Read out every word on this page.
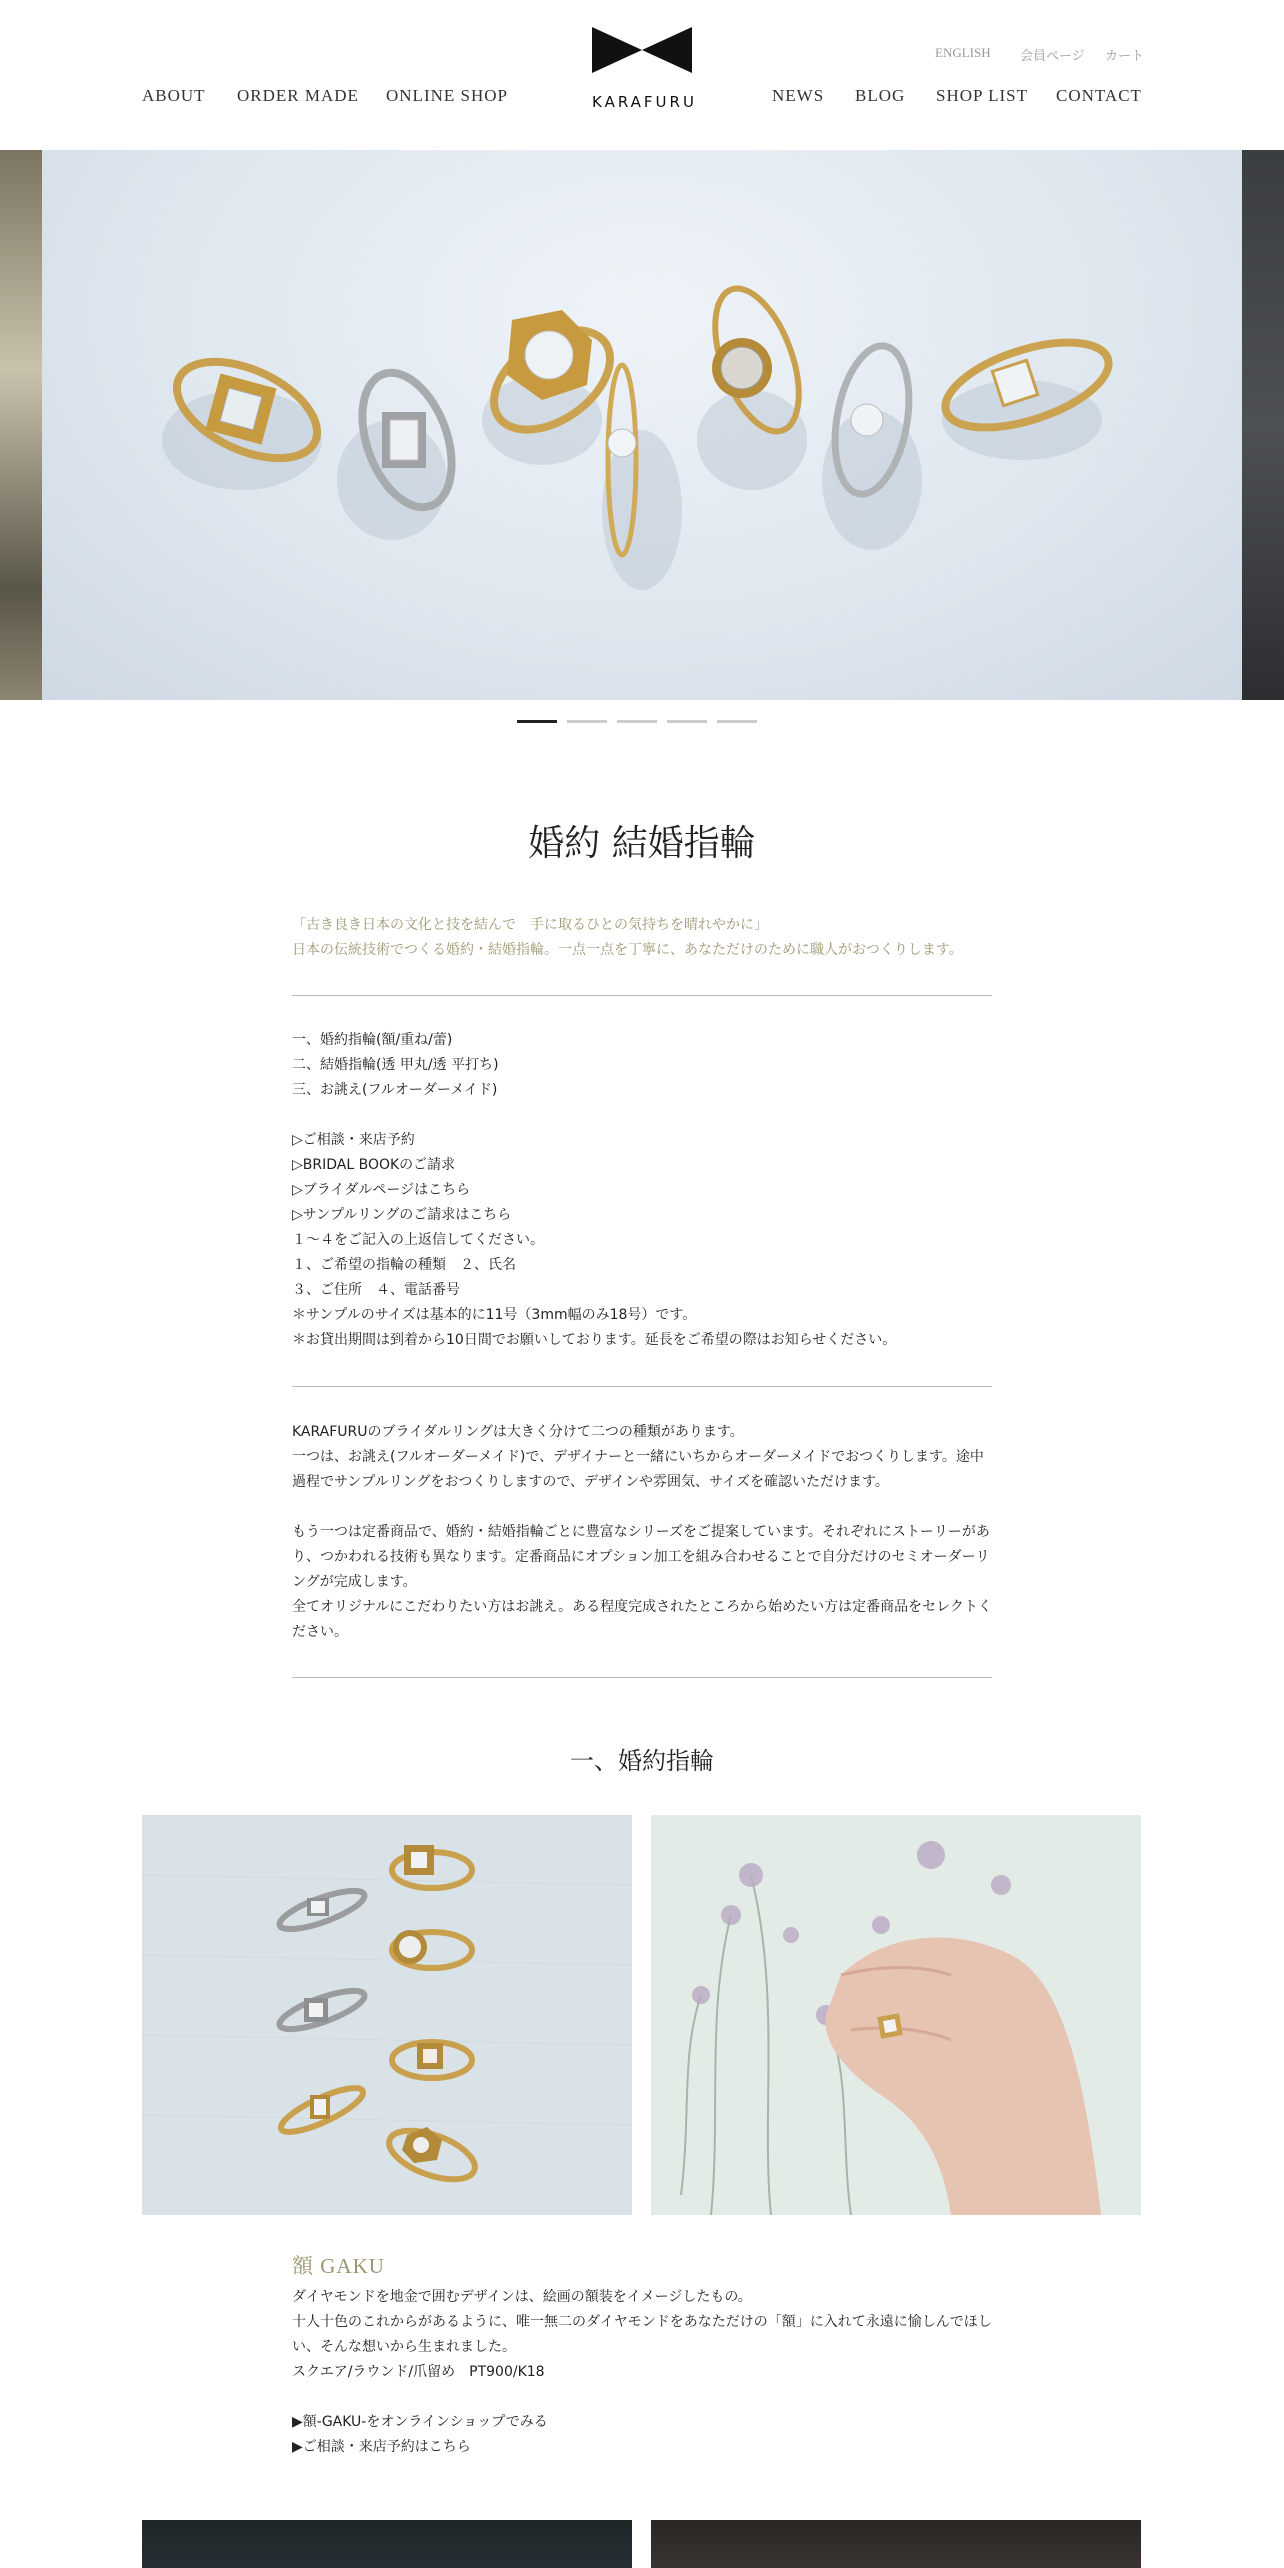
ABOUT ORDER MADE ONLINE SHOP	KARAFURU
ENGLISH 会員ページ カート
NEWS BLOG SHOP LIST CONTACT
婚約 結婚指輪
「古き良き日本の文化と技を結んで　手に取るひとの気持ちを晴れやかに」
日本の伝統技術でつくる婚約・結婚指輪。一点一点を丁寧に、あなただけのために職人がおつくりします。
一、婚約指輪(額/重ね/蕾)
二、結婚指輪(透 甲丸/透 平打ち)
三、お誂え(フルオーダーメイド)
▷ご相談・来店予約
▷BRIDAL BOOKのご請求
▷ブライダルページはこちら
▷サンプルリングのご請求はこちら
１〜４をご記入の上返信してください。
１、ご希望の指輪の種類　２、氏名
３、ご住所　４、電話番号
＊サンプルのサイズは基本的に11号（3mm幅のみ18号）です。
＊お貸出期間は到着から10日間でお願いしております。延長をご希望の際はお知らせください。
KARAFURUのブライダルリングは大きく分けて二つの種類があります。
一つは、お誂え(フルオーダーメイド)で、デザイナーと一緒にいちからオーダーメイドでおつくりします。途中
過程でサンプルリングをおつくりしますので、デザインや雰囲気、サイズを確認いただけます。
もう一つは定番商品で、婚約・結婚指輪ごとに豊富なシリーズをご提案しています。それぞれにストーリーがあ
り、つかわれる技術も異なります。定番商品にオプション加工を組み合わせることで自分だけのセミオーダーリ
ングが完成します。
全てオリジナルにこだわりたい方はお誂え。ある程度完成されたところから始めたい方は定番商品をセレクトく
ださい。
一、婚約指輪
額 GAKU
ダイヤモンドを地金で囲むデザインは、絵画の額装をイメージしたもの。
十人十色のこれからがあるように、唯一無二のダイヤモンドをあなただけの「額」に入れて永遠に愉しんでほし
い、そんな想いから生まれました。
スクエア/ラウンド/爪留め　PT900/K18
▶額-GAKU-をオンラインショップでみる
▶ご相談・来店予約はこちら
